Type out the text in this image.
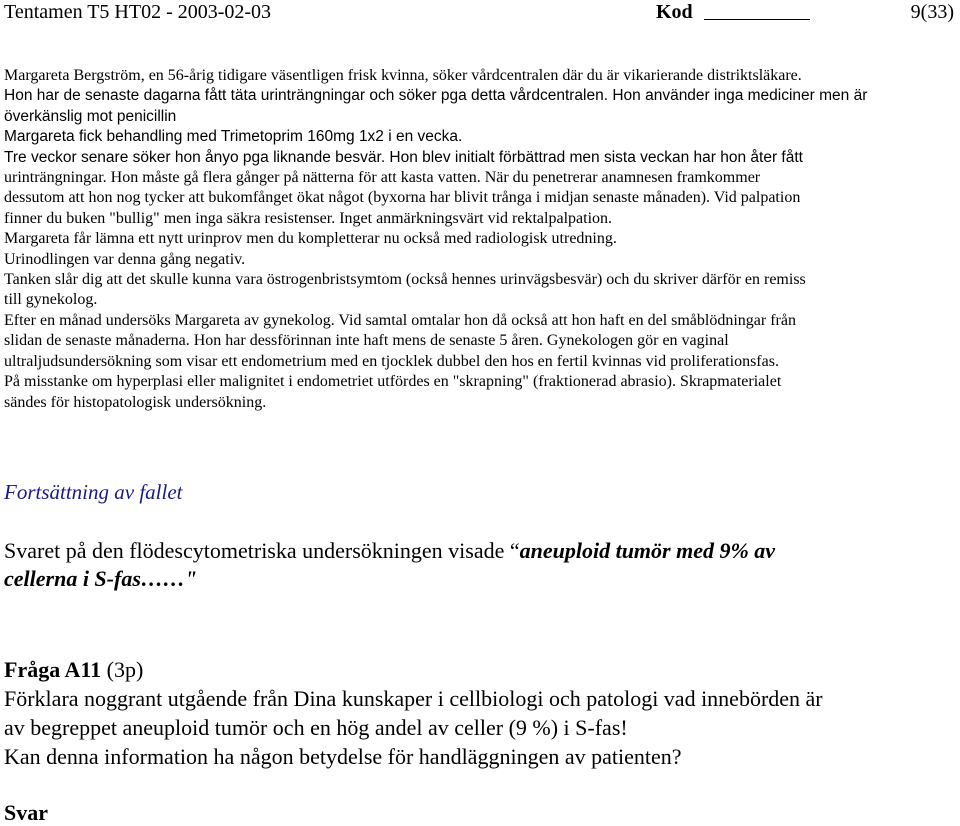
Tentamen T5 HT02 - 2003-02-03	Kod	9(33)

Margareta Bergström, en 56-årig tidigare väsentligen frisk kvinna, söker vårdcentralen där du är vikarierande distriktsläkare.

Hon har de senaste dagarna fått täta urinträngningar och söker pga detta vårdcentralen. Hon använder inga mediciner men är

överkänslig mot penicillin

Margareta fick behandling med Trimetoprim 160mg 1x2 i en vecka.

Tre veckor senare söker hon ånyo pga liknande besvär. Hon blev initialt förbättrad men sista veckan har hon åter fått

urinträngningar. Hon måste gå flera gånger på nätterna för att kasta vatten. När du penetrerar anamnesen framkommer

dessutom att hon nog tycker att bukomfånget ökat något (byxorna har blivit trånga i midjan senaste månaden). Vid palpation

finner du buken "bullig" men inga säkra resistenser. Inget anmärkningsvärt vid rektalpalpation.

Margareta får lämna ett nytt urinprov men du kompletterar nu också med radiologisk utredning.

Urinodlingen var denna gång negativ.

Tanken slår dig att det skulle kunna vara östrogenbristsymtom (också hennes urinvägsbesvär) och du skriver därför en remiss

till gynekolog.

Efter en månad undersöks Margareta av gynekolog. Vid samtal omtalar hon då också att hon haft en del småblödningar från

slidan de senaste månaderna. Hon har dessförinnan inte haft mens de senaste 5 åren. Gynekologen gör en vaginal

ultraljudsundersökning som visar ett endometrium med en tjocklek dubbel den hos en fertil kvinnas vid proliferationsfas.

På misstanke om hyperplasi eller malignitet i endometriet utfördes en "skrapning" (fraktionerad abrasio). Skrapmaterialet

sändes för histopatologisk undersökning.

Fortsättning av fallet

Svaret på den flödescytometriska undersökningen visade “aneuploid tumör med 9% av

cellerna i S-fas……"

Fråga A11 (3p)

Förklara noggrant utgående från Dina kunskaper i cellbiologi och patologi vad innebörden är

av begreppet aneuploid tumör och en hög andel av celler (9 %) i S-fas!

Kan denna information ha någon betydelse för handläggningen av patienten?

Svar
